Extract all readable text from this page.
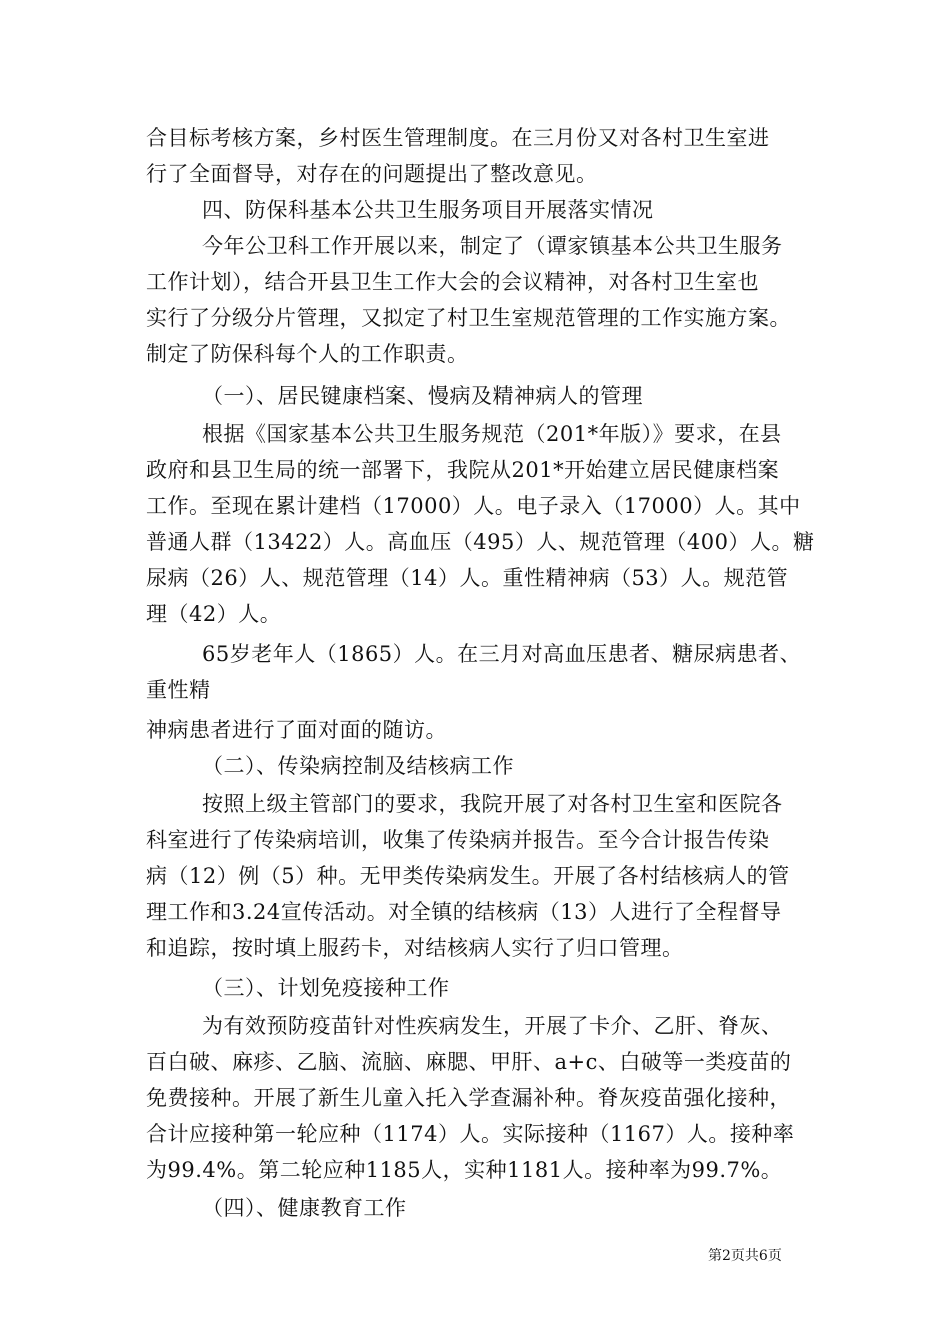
合目标考核方案，乡村医生管理制度。在三月份又对各村卫生室进
行了全面督导，对存在的问题提出了整改意见。
四、防保科基本公共卫生服务项目开展落实情况
今年公卫科工作开展以来，制定了（谭家镇基本公共卫生服务
工作计划），结合开县卫生工作大会的会议精神，对各村卫生室也
实行了分级分片管理，又拟定了村卫生室规范管理的工作实施方案。
制定了防保科每个人的工作职责。
（一）、居民键康档案、慢病及精神病人的管理
根据《国家基本公共卫生服务规范（201*年版）》要求，在县
政府和县卫生局的统一部署下，我院从201*开始建立居民健康档案
工作。至现在累计建档（17000）人。电子录入（17000）人。其中
普通人群（13422）人。高血压（495）人、规范管理（400）人。糖
尿病（26）人、规范管理（14）人。重性精神病（53）人。规范管
理（42）人。
65岁老年人（1865）人。在三月对高血压患者、糖尿病患者、
重性精
神病患者进行了面对面的随访。
（二）、传染病控制及结核病工作
按照上级主管部门的要求，我院开展了对各村卫生室和医院各
科室进行了传染病培训，收集了传染病并报告。至今合计报告传染
病（12）例（5）种。无甲类传染病发生。开展了各村结核病人的管
理工作和3.24宣传活动。对全镇的结核病（13）人进行了全程督导
和追踪，按时填上服药卡，对结核病人实行了归口管理。
（三）、计划免疫接种工作
为有效预防疫苗针对性疾病发生，开展了卡介、乙肝、脊灰、
百白破、麻疹、乙脑、流脑、麻腮、甲肝、a+c、白破等一类疫苗的
免费接种。开展了新生儿童入托入学查漏补种。脊灰疫苗强化接种，
合计应接种第一轮应种（1174）人。实际接种（1167）人。接种率
为99.4%。第二轮应种1185人，实种1181人。接种率为99.7%。
（四）、健康教育工作
第2页共6页
